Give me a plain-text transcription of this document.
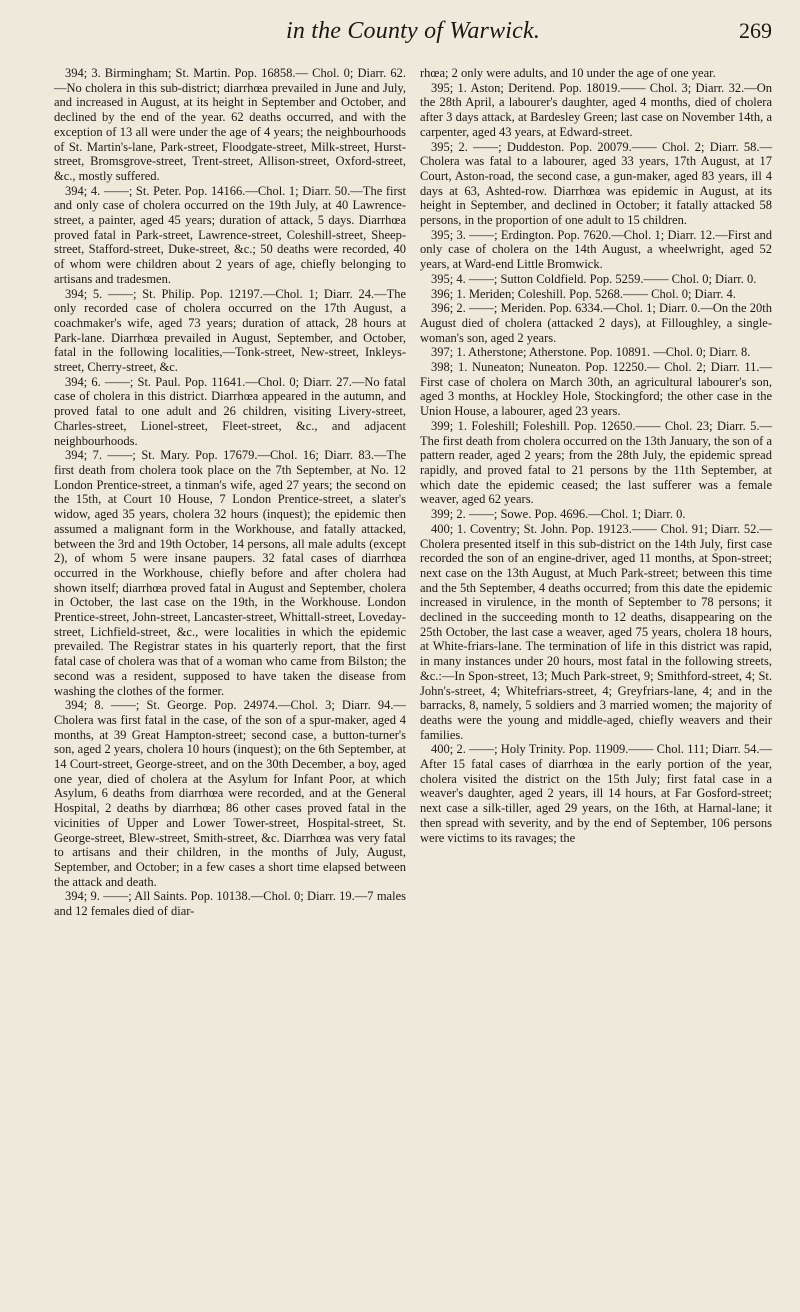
in the County of Warwick.	269

394; 3. Birmingham; St. Martin. Pop. 16858.— Chol. 0; Diarr. 62.—No cholera in this sub-district; diarrhœa prevailed in June and July, and increased in August, at its height in September and October, and declined by the end of the year. 62 deaths occurred, and with the exception of 13 all were under the age of 4 years; the neighbourhoods of St. Martin's-lane, Park-street, Floodgate-street, Milk-street, Hurst-street, Bromsgrove-street, Trent-street, Allison-street, Oxford-street, &c., mostly suffered.

394; 4. ——; St. Peter. Pop. 14166.—Chol. 1; Diarr. 50.—The first and only case of cholera occurred on the 19th July, at 40 Lawrence-street, a painter, aged 45 years; duration of attack, 5 days. Diarrhœa proved fatal in Park-street, Lawrence-street, Coleshill-street, Sheep-street, Stafford-street, Duke-street, &c.; 50 deaths were recorded, 40 of whom were children about 2 years of age, chiefly belonging to artisans and tradesmen.

394; 5. ——; St. Philip. Pop. 12197.—Chol. 1; Diarr. 24.—The only recorded case of cholera occurred on the 17th August, a coachmaker's wife, aged 73 years; duration of attack, 28 hours at Park-lane. Diarrhœa prevailed in August, September, and October, fatal in the following localities,—Tonk-street, New-street, Inkleys-street, Cherry-street, &c.

394; 6. ——; St. Paul. Pop. 11641.—Chol. 0; Diarr. 27.—No fatal case of cholera in this district. Diarrhœa appeared in the autumn, and proved fatal to one adult and 26 children, visiting Livery-street, Charles-street, Lionel-street, Fleet-street, &c., and adjacent neighbourhoods.

394; 7. ——; St. Mary. Pop. 17679.—Chol. 16; Diarr. 83.—The first death from cholera took place on the 7th September, at No. 12 London Prentice-street, a tinman's wife, aged 27 years; the second on the 15th, at Court 10 House, 7 London Prentice-street, a slater's widow, aged 35 years, cholera 32 hours (inquest); the epidemic then assumed a malignant form in the Workhouse, and fatally attacked, between the 3rd and 19th October, 14 persons, all male adults (except 2), of whom 5 were insane paupers. 32 fatal cases of diarrhœa occurred in the Workhouse, chiefly before and after cholera had shown itself; diarrhœa proved fatal in August and September, cholera in October, the last case on the 19th, in the Workhouse. London Prentice-street, John-street, Lancaster-street, Whittall-street, Loveday-street, Lichfield-street, &c., were localities in which the epidemic prevailed. The Registrar states in his quarterly report, that the first fatal case of cholera was that of a woman who came from Bilston; the second was a resident, supposed to have taken the disease from washing the clothes of the former.

394; 8. ——; St. George. Pop. 24974.—Chol. 3; Diarr. 94.—Cholera was first fatal in the case, of the son of a spur-maker, aged 4 months, at 39 Great Hampton-street; second case, a button-turner's son, aged 2 years, cholera 10 hours (inquest); on the 6th September, at 14 Court-street, George-street, and on the 30th December, a boy, aged one year, died of cholera at the Asylum for Infant Poor, at which Asylum, 6 deaths from diarrhœa were recorded, and at the General Hospital, 2 deaths by diarrhœa; 86 other cases proved fatal in the vicinities of Upper and Lower Tower-street, Hospital-street, St. George-street, Blew-street, Smith-street, &c. Diarrhœa was very fatal to artisans and their children, in the months of July, August, September, and October; in a few cases a short time elapsed between the attack and death.

394; 9. ——; All Saints. Pop. 10138.—Chol. 0; Diarr. 19.—7 males and 12 females died of diar-

rhœa; 2 only were adults, and 10 under the age of one year.

395; 1. Aston; Deritend. Pop. 18019.—— Chol. 3; Diarr. 32.—On the 28th April, a labourer's daughter, aged 4 months, died of cholera after 3 days attack, at Bardesley Green; last case on November 14th, a carpenter, aged 43 years, at Edward-street.

395; 2. ——; Duddeston. Pop. 20079.—— Chol. 2; Diarr. 58.—Cholera was fatal to a labourer, aged 33 years, 17th August, at 17 Court, Aston-road, the second case, a gun-maker, aged 83 years, ill 4 days at 63, Ashted-row. Diarrhœa was epidemic in August, at its height in September, and declined in October; it fatally attacked 58 persons, in the proportion of one adult to 15 children.

395; 3. ——; Erdington. Pop. 7620.—Chol. 1; Diarr. 12.—First and only case of cholera on the 14th August, a wheelwright, aged 52 years, at Ward-end Little Bromwick.

395; 4. ——; Sutton Coldfield. Pop. 5259.—— Chol. 0; Diarr. 0.

396; 1. Meriden; Coleshill. Pop. 5268.—— Chol. 0; Diarr. 4.

396; 2. ——; Meriden. Pop. 6334.—Chol. 1; Diarr. 0.—On the 20th August died of cholera (attacked 2 days), at Filloughley, a single-woman's son, aged 2 years.

397; 1. Atherstone; Atherstone. Pop. 10891. —Chol. 0; Diarr. 8.

398; 1. Nuneaton; Nuneaton. Pop. 12250.— Chol. 2; Diarr. 11.—First case of cholera on March 30th, an agricultural labourer's son, aged 3 months, at Hockley Hole, Stockingford; the other case in the Union House, a labourer, aged 23 years.

399; 1. Foleshill; Foleshill. Pop. 12650.—— Chol. 23; Diarr. 5.—The first death from cholera occurred on the 13th January, the son of a pattern reader, aged 2 years; from the 28th July, the epidemic spread rapidly, and proved fatal to 21 persons by the 11th September, at which date the epidemic ceased; the last sufferer was a female weaver, aged 62 years.

399; 2. ——; Sowe. Pop. 4696.—Chol. 1; Diarr. 0.

400; 1. Coventry; St. John. Pop. 19123.—— Chol. 91; Diarr. 52.—Cholera presented itself in this sub-district on the 14th July, first case recorded the son of an engine-driver, aged 11 months, at Spon-street; next case on the 13th August, at Much Park-street; between this time and the 5th September, 4 deaths occurred; from this date the epidemic increased in virulence, in the month of September to 78 persons; it declined in the succeeding month to 12 deaths, disappearing on the 25th October, the last case a weaver, aged 75 years, cholera 18 hours, at White-friars-lane. The termination of life in this district was rapid, in many instances under 20 hours, most fatal in the following streets, &c.:—In Spon-street, 13; Much Park-street, 9; Smithford-street, 4; St. John's-street, 4; Whitefriars-street, 4; Greyfriars-lane, 4; and in the barracks, 8, namely, 5 soldiers and 3 married women; the majority of deaths were the young and middle-aged, chiefly weavers and their families.

400; 2. ——; Holy Trinity. Pop. 11909.—— Chol. 111; Diarr. 54.—After 15 fatal cases of diarrhœa in the early portion of the year, cholera visited the district on the 15th July; first fatal case in a weaver's daughter, aged 2 years, ill 14 hours, at Far Gosford-street; next case a silk-tiller, aged 29 years, on the 16th, at Harnal-lane; it then spread with severity, and by the end of September, 106 persons were victims to its ravages; the
